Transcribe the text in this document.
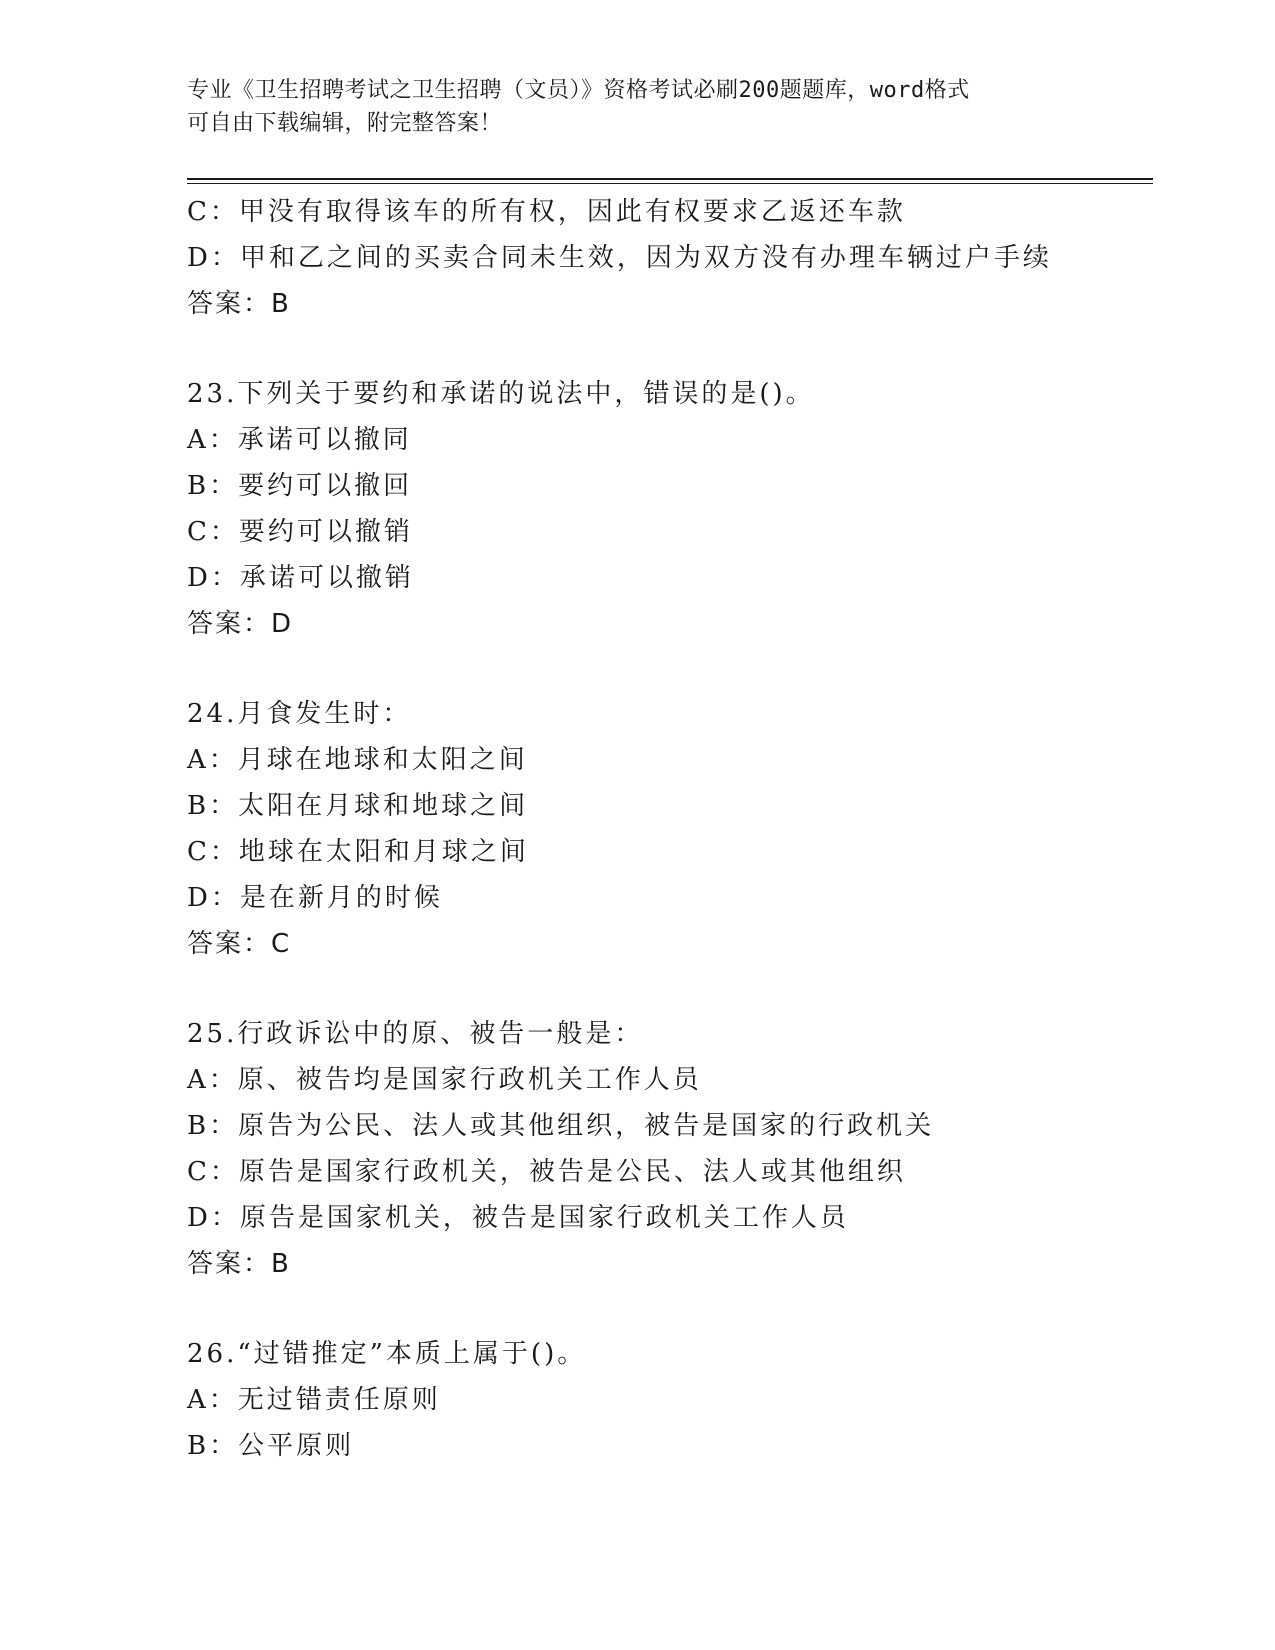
专业《卫生招聘考试之卫生招聘（文员）》资格考试必刷200题题库，word格式
可自由下载编辑，附完整答案！
C：甲没有取得该车的所有权，因此有权要求乙返还车款
D：甲和乙之间的买卖合同未生效，因为双方没有办理车辆过户手续
答案：B
23.下列关于要约和承诺的说法中，错误的是()。
A：承诺可以撤同
B：要约可以撤回
C：要约可以撤销
D：承诺可以撤销
答案：D
24.月食发生时：
A：月球在地球和太阳之间
B：太阳在月球和地球之间
C：地球在太阳和月球之间
D：是在新月的时候
答案：C
25.行政诉讼中的原、被告一般是：
A：原、被告均是国家行政机关工作人员
B：原告为公民、法人或其他组织，被告是国家的行政机关
C：原告是国家行政机关，被告是公民、法人或其他组织
D：原告是国家机关，被告是国家行政机关工作人员
答案：B
26.“过错推定”本质上属于()。
A：无过错责任原则
B：公平原则
